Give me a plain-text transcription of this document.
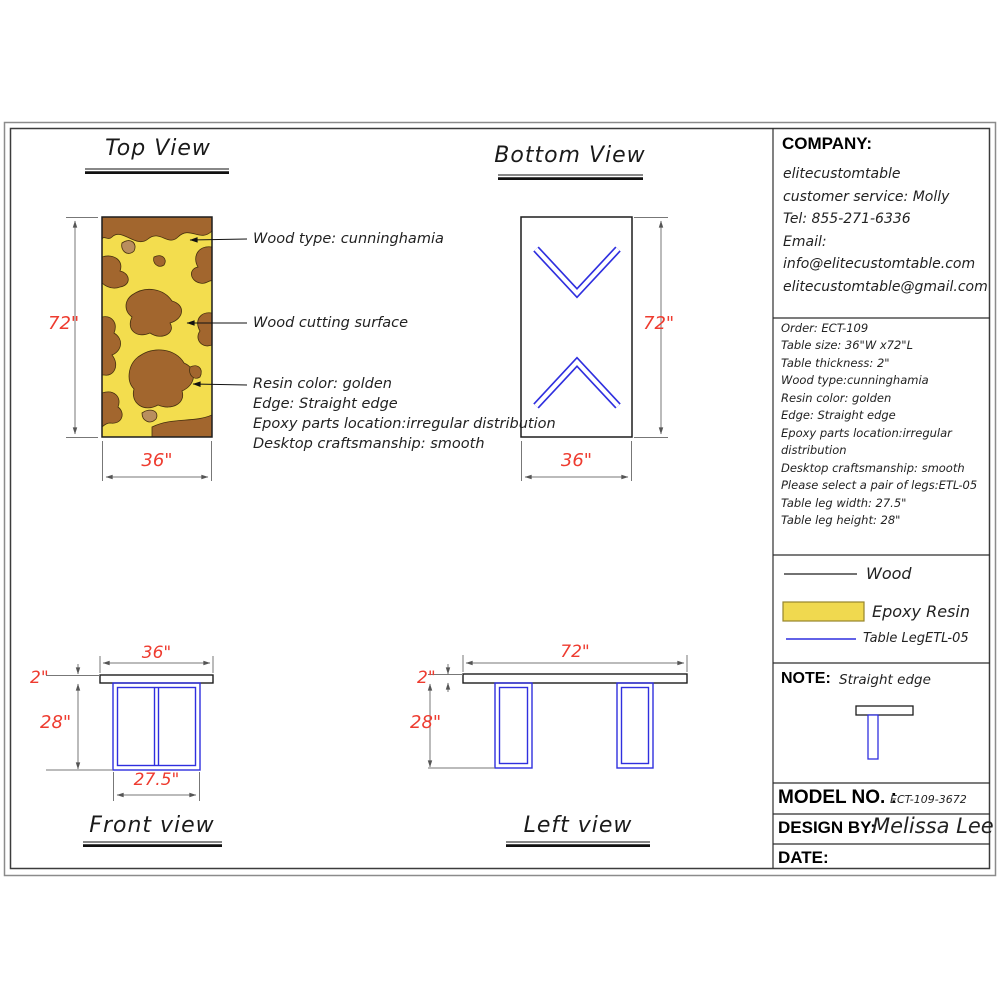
Top View	Bottom View
Front view	Left view
72"
36"
Wood type: cunninghamia
Wood cutting surface
Resin color: golden
Edge: Straight edge
Epoxy parts location:irregular distribution
Desktop craftsmanship: smooth
72"
36"
36"
2"
28"
27.5"
72"
2"
28"
COMPANY:
elitecustomtable
customer service: Molly
Tel: 855-271-6336
Email:
info@elitecustomtable.com
elitecustomtable@gmail.com
Order: ECT-109
Table size: 36"W x72"L
Table thickness: 2"
Wood type:cunninghamia
Resin color: golden
Edge: Straight edge
Epoxy parts location:irregular
distribution
Desktop craftsmanship: smooth
Please select a pair of legs:ETL-05
Table leg width: 27.5"
Table leg height: 28"
Wood
Epoxy Resin
Table LegETL-05
NOTE: Straight edge
MODEL NO. :
ECT-109-3672
DESIGN BY:
Melissa Lee
DATE:
